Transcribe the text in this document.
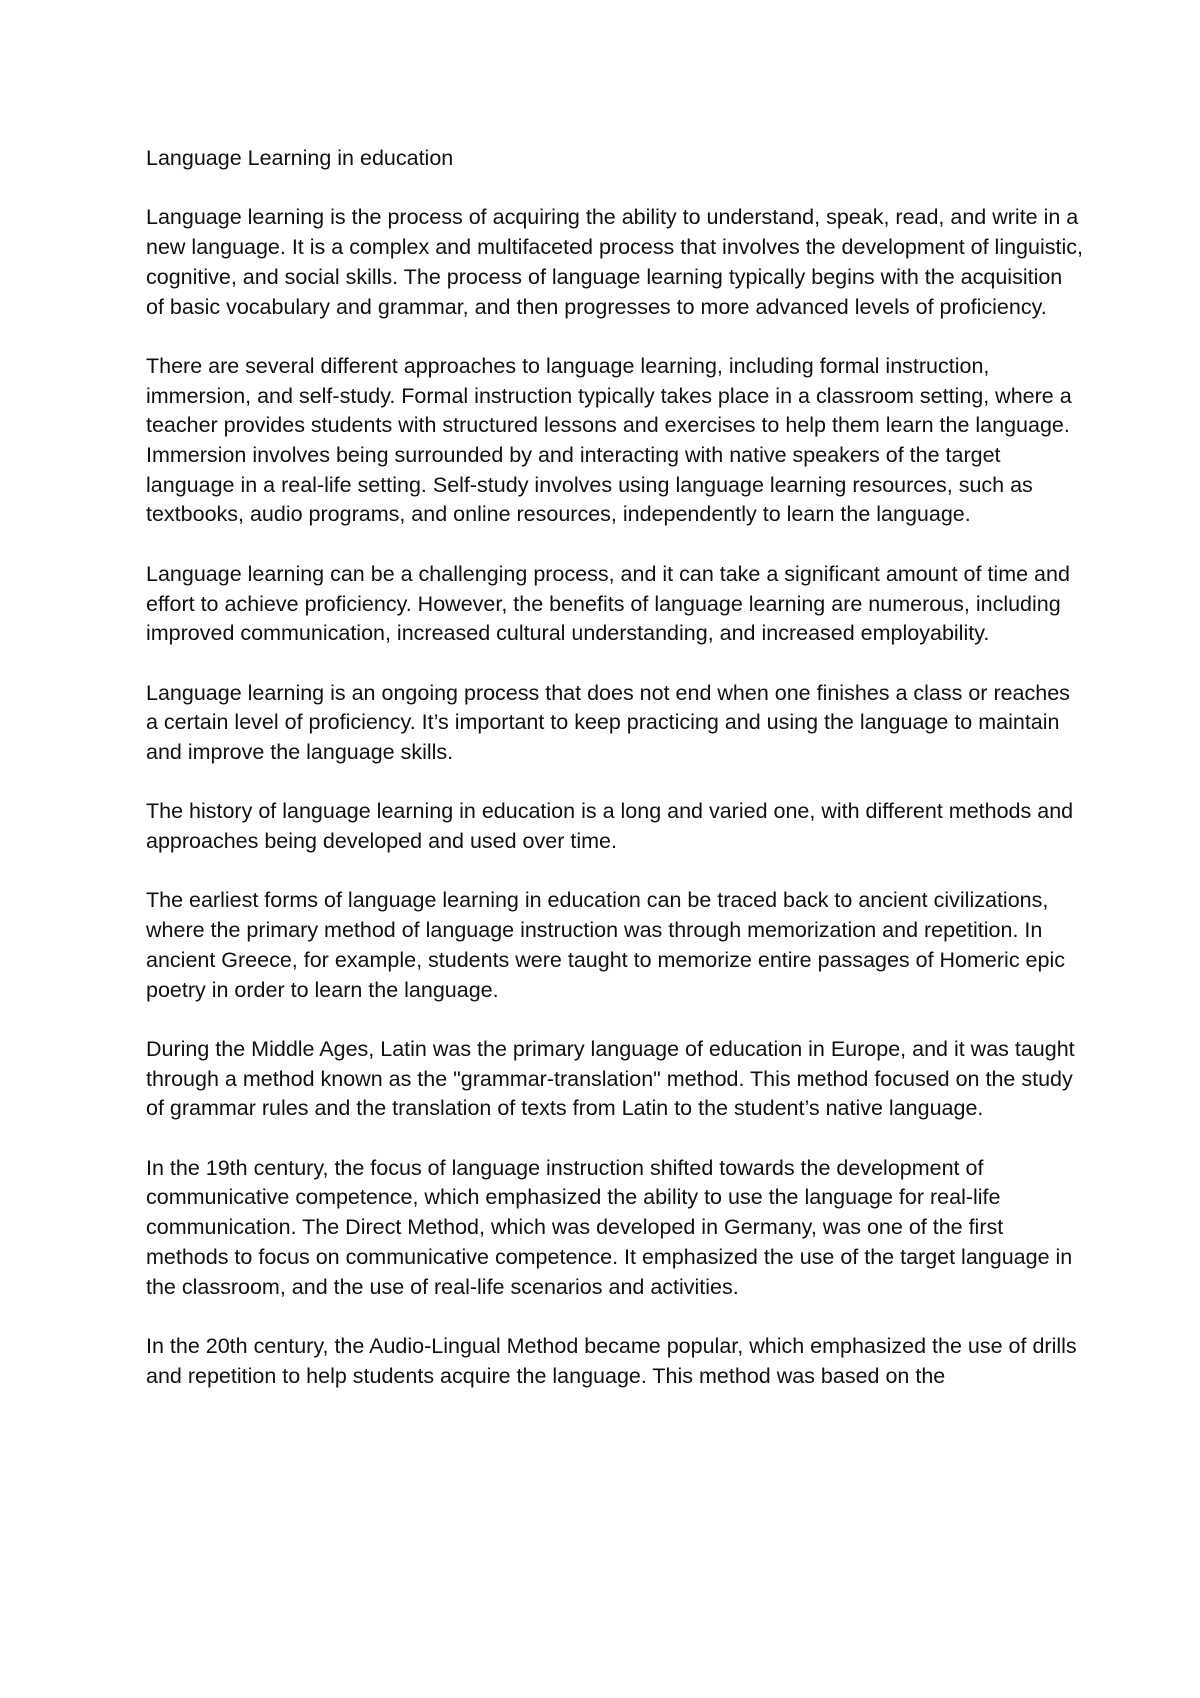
Language Learning in education

Language learning is the process of acquiring the ability to understand, speak, read, and write in a new language. It is a complex and multifaceted process that involves the development of linguistic, cognitive, and social skills. The process of language learning typically begins with the acquisition of basic vocabulary and grammar, and then progresses to more advanced levels of proficiency.

There are several different approaches to language learning, including formal instruction, immersion, and self-study. Formal instruction typically takes place in a classroom setting, where a teacher provides students with structured lessons and exercises to help them learn the language. Immersion involves being surrounded by and interacting with native speakers of the target language in a real-life setting. Self-study involves using language learning resources, such as textbooks, audio programs, and online resources, independently to learn the language.

Language learning can be a challenging process, and it can take a significant amount of time and effort to achieve proficiency. However, the benefits of language learning are numerous, including improved communication, increased cultural understanding, and increased employability.

Language learning is an ongoing process that does not end when one finishes a class or reaches a certain level of proficiency. It’s important to keep practicing and using the language to maintain and improve the language skills.

The history of language learning in education is a long and varied one, with different methods and approaches being developed and used over time.

The earliest forms of language learning in education can be traced back to ancient civilizations, where the primary method of language instruction was through memorization and repetition. In ancient Greece, for example, students were taught to memorize entire passages of Homeric epic poetry in order to learn the language.

During the Middle Ages, Latin was the primary language of education in Europe, and it was taught through a method known as the "grammar-translation" method. This method focused on the study of grammar rules and the translation of texts from Latin to the student’s native language.

In the 19th century, the focus of language instruction shifted towards the development of communicative competence, which emphasized the ability to use the language for real-life communication. The Direct Method, which was developed in Germany, was one of the first methods to focus on communicative competence. It emphasized the use of the target language in the classroom, and the use of real-life scenarios and activities.

In the 20th century, the Audio-Lingual Method became popular, which emphasized the use of drills and repetition to help students acquire the language. This method was based on the
